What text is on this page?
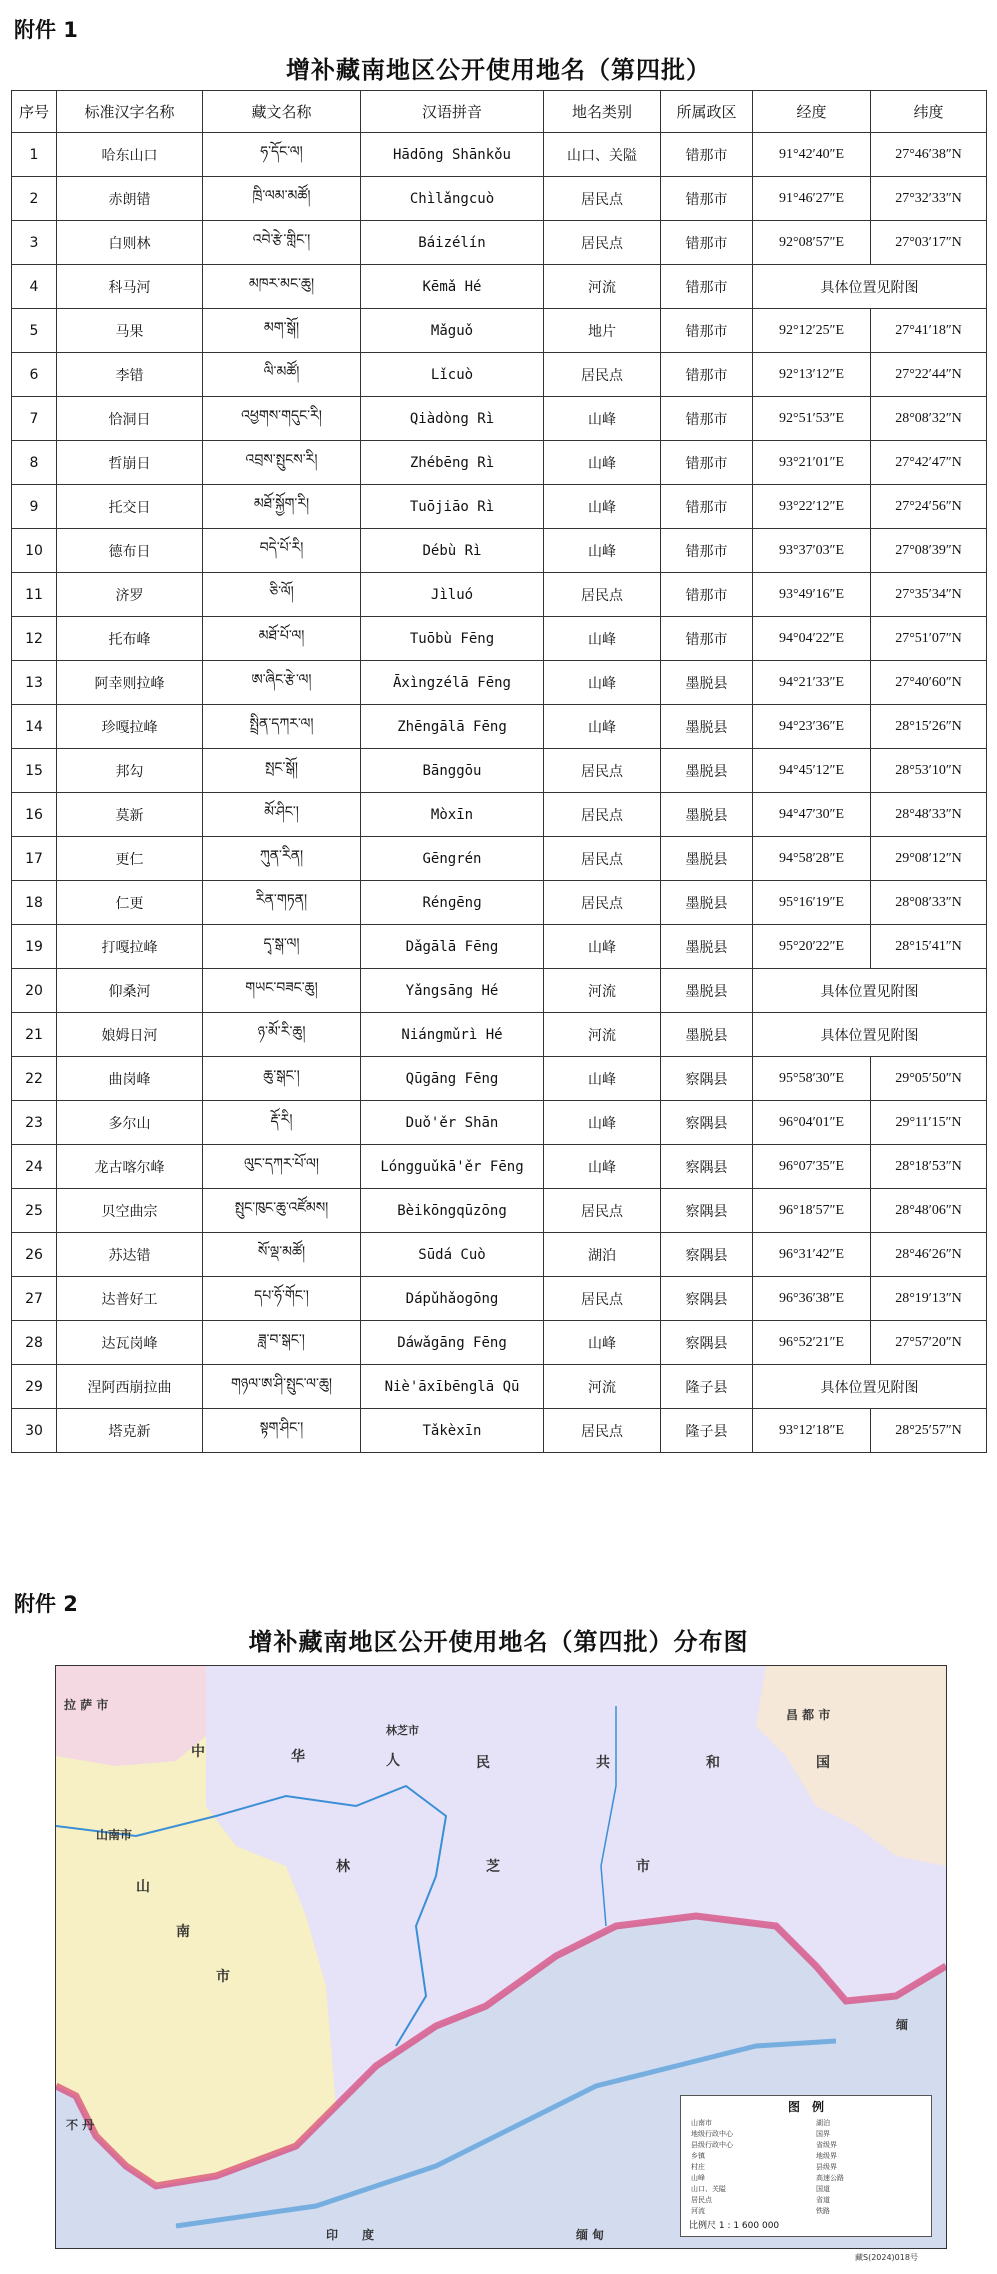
附件 1
增补藏南地区公开使用地名（第四批）
序号	标准汉字名称	藏文名称	汉语拼音	地名类别	所属政区	经度	纬度
1	哈东山口	ཧ་དོང་ལ།	Hādōng Shānkǒu	山口、关隘	错那市	91°42′40″E	27°46′38″N
2	赤朗错	ཁྲི་ལམ་མཚོ།	Chìlǎngcuò	居民点	错那市	91°46′27″E	27°32′33″N
3	白则林	འབེ་རྩེ་གླིང་།	Báizélín	居民点	错那市	92°08′57″E	27°03′17″N
4	科马河	མཁར་མང་ཆུ།	Kēmǎ Hé	河流	错那市	具体位置见附图	
5	马果	མག་སྒོ།	Mǎguǒ	地片	错那市	92°12′25″E	27°41′18″N
6	李错	ལི་མཚོ།	Lǐcuò	居民点	错那市	92°13′12″E	27°22′44″N
7	恰洞日	འཕྱགས་གདུང་རི།	Qiàdòng Rì	山峰	错那市	92°51′53″E	28°08′32″N
8	哲崩日	འབྲས་སྤུངས་རི།	Zhébēng Rì	山峰	错那市	93°21′01″E	27°42′47″N
9	托交日	མཐོ་སྐྱོག་རི།	Tuōjiāo Rì	山峰	错那市	93°22′12″E	27°24′56″N
10	德布日	བདེ་པོ་རི།	Débù Rì	山峰	错那市	93°37′03″E	27°08′39″N
11	济罗	ཅི་ལོ།	Jìluó	居民点	错那市	93°49′16″E	27°35′34″N
12	托布峰	མཐོ་པོ་ལ།	Tuōbù Fēng	山峰	错那市	94°04′22″E	27°51′07″N
13	阿幸则拉峰	ཨ་ཞིང་རྩེ་ལ།	Āxìngzélā Fēng	山峰	墨脱县	94°21′33″E	27°40′60″N
14	珍嘎拉峰	སྤྲིན་དཀར་ལ།	Zhēngālā Fēng	山峰	墨脱县	94°23′36″E	28°15′26″N
15	邦勾	སྤང་སྒོ།	Bānggōu	居民点	墨脱县	94°45′12″E	28°53′10″N
16	莫新	མོ་ཤིང་།	Mòxīn	居民点	墨脱县	94°47′30″E	28°48′33″N
17	更仁	ཀུན་རིན།	Gēngrén	居民点	墨脱县	94°58′28″E	29°08′12″N
18	仁更	རིན་གཏན།	Rénɡēnɡ	居民点	墨脱县	95°16′19″E	28°08′33″N
19	打嘎拉峰	དྭ་སྒ་ལ།	Dǎgālā Fēng	山峰	墨脱县	95°20′22″E	28°15′41″N
20	仰桑河	གཡང་བཟང་ཆུ།	Yǎngsāng Hé	河流	墨脱县	具体位置见附图	
21	娘姆日河	ཉ་མོ་རི་ཆུ།	Niángmǔrì Hé	河流	墨脱县	具体位置见附图	
22	曲岗峰	ཆུ་སྒང་།	Qūgāng Fēng	山峰	察隅县	95°58′30″E	29°05′50″N
23	多尔山	རྡོ་རི།	Duǒ'ěr Shān	山峰	察隅县	96°04′01″E	29°11′15″N
24	龙古喀尔峰	ལུང་དཀར་པོ་ལ།	Lóngguǔkā'ěr Fēng	山峰	察隅县	96°07′35″E	28°18′53″N
25	贝空曲宗	སྤུང་ཁུང་ཆུ་འཛོམས།	Bèikōngqūzōng	居民点	察隅县	96°18′57″E	28°48′06″N
26	苏达错	སོ་ལྡ་མཚོ།	Sūdá Cuò	湖泊	察隅县	96°31′42″E	28°46′26″N
27	达普好工	དཔ་ཧོ་གོང་།	Dápǔhǎogōng	居民点	察隅县	96°36′38″E	28°19′13″N
28	达瓦岗峰	ཟླ་བ་སྒང་།	Dáwǎgāng Fēng	山峰	察隅县	96°52′21″E	27°57′20″N
29	涅阿西崩拉曲	གཉལ་ཨ་ཤི་སྤུང་ལ་ཆུ།	Niè'āxībēnglā Qū	河流	隆子县	具体位置见附图	
30	塔克新	སྟག་ཤིང་།	Tǎkèxīn	居民点	隆子县	93°12′18″E	28°25′57″N
附件 2
增补藏南地区公开使用地名（第四批）分布图
拉 萨 市
中	华	人	民	共	和	国
山南市
山
南
市
林芝市
林	芝	市
昌 都 市
不 丹
印　　度
缅
缅 甸
图　例
山南市
地级行政中心
县级行政中心
乡镇
村庄
山峰
山口、关隘
居民点
河流
湖泊
国界
省级界
地级界
县级界
高速公路
国道
省道
铁路
比例尺 1 : 1 600 000
藏S(2024)018号
